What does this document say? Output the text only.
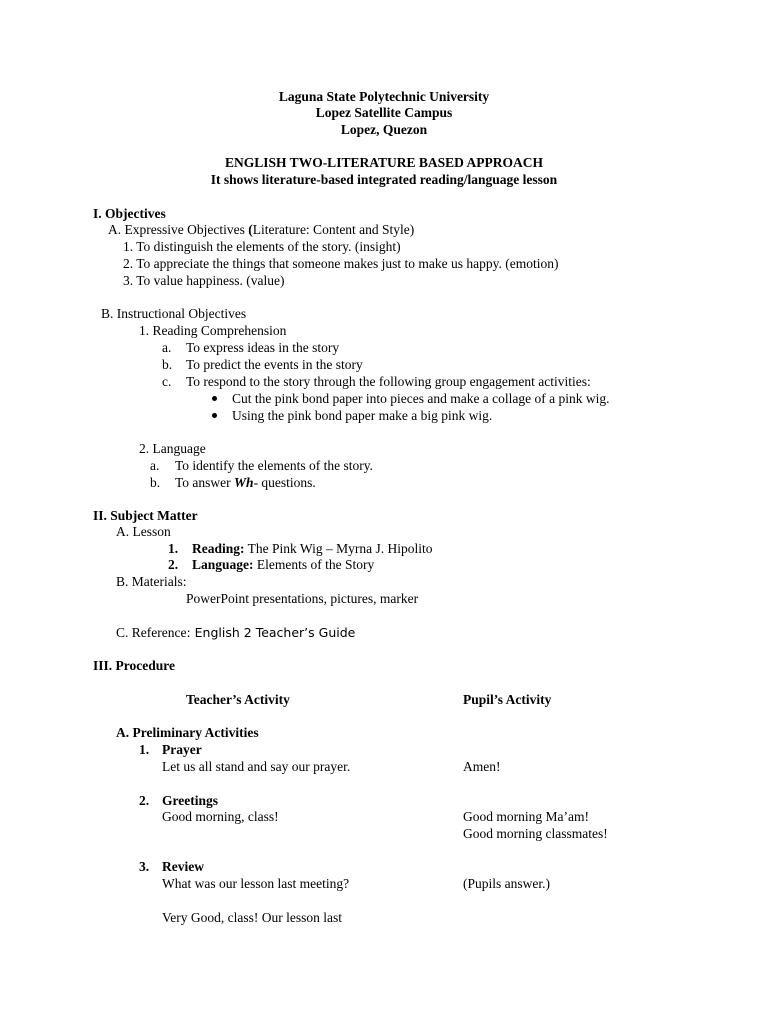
Laguna State Polytechnic University
Lopez Satellite Campus
Lopez, Quezon
ENGLISH TWO-LITERATURE BASED APPROACH
It shows literature-based integrated reading/language lesson
I. Objectives
A. Expressive Objectives (Literature: Content and Style)
1. To distinguish the elements of the story. (insight)
2. To appreciate the things that someone makes just to make us happy. (emotion)
3. To value happiness. (value)
B. Instructional Objectives
1. Reading Comprehension
a. To express ideas in the story
b. To predict the events in the story
c. To respond to the story through the following group engagement activities:
Cut the pink bond paper into pieces and make a collage of a pink wig.
Using the pink bond paper make a big pink wig.
2. Language
a. To identify the elements of the story.
b. To answer Wh- questions.
II. Subject Matter
A. Lesson
1. Reading: The Pink Wig – Myrna J. Hipolito
2. Language: Elements of the Story
B. Materials:
PowerPoint presentations, pictures, marker
C. Reference: English 2 Teacher’s Guide
III. Procedure
Teacher’s Activity	Pupil’s Activity
A. Preliminary Activities
1. Prayer
Let us all stand and say our prayer.	Amen!
2. Greetings
Good morning, class!	Good morning Ma’am!
Good morning classmates!
3. Review
What was our lesson last meeting?	(Pupils answer.)
Very Good, class! Our lesson last
